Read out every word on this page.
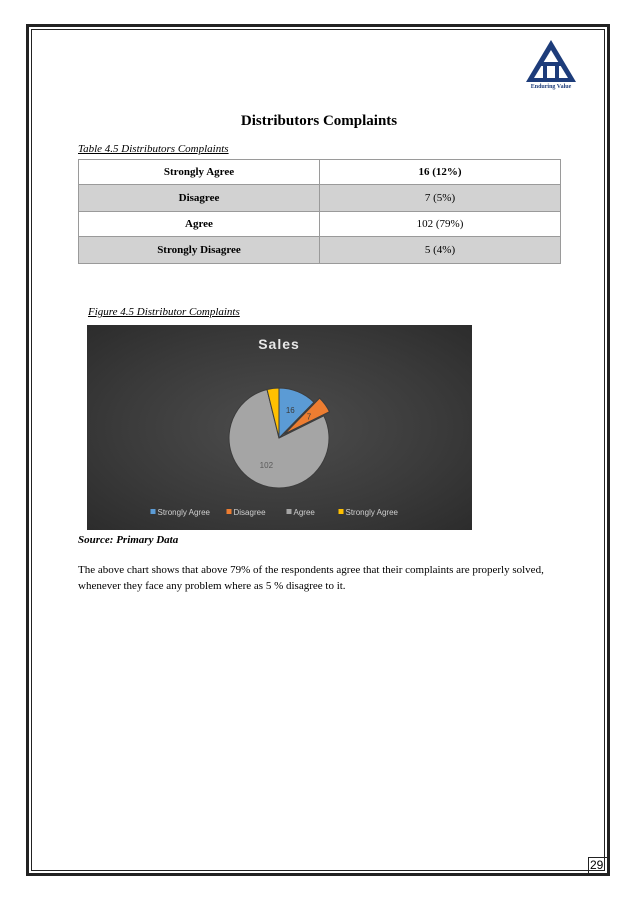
Enduring Value
Distributors Complaints
Table 4.5 Distributors Complaints
Strongly Agree	16 (12%)
Disagree	7 (5%)
Agree	102 (79%)
Strongly Disagree	5 (4%)
Figure 4.5 Distributor Complaints
Sales
16
7
102
Strongly Agree	Disagree	Agree	Strongly Agree
Source: Primary Data
The above chart shows that above 79% of the respondents agree that their complaints are properly solved, whenever they face any problem where as 5 % disagree to it.
29
